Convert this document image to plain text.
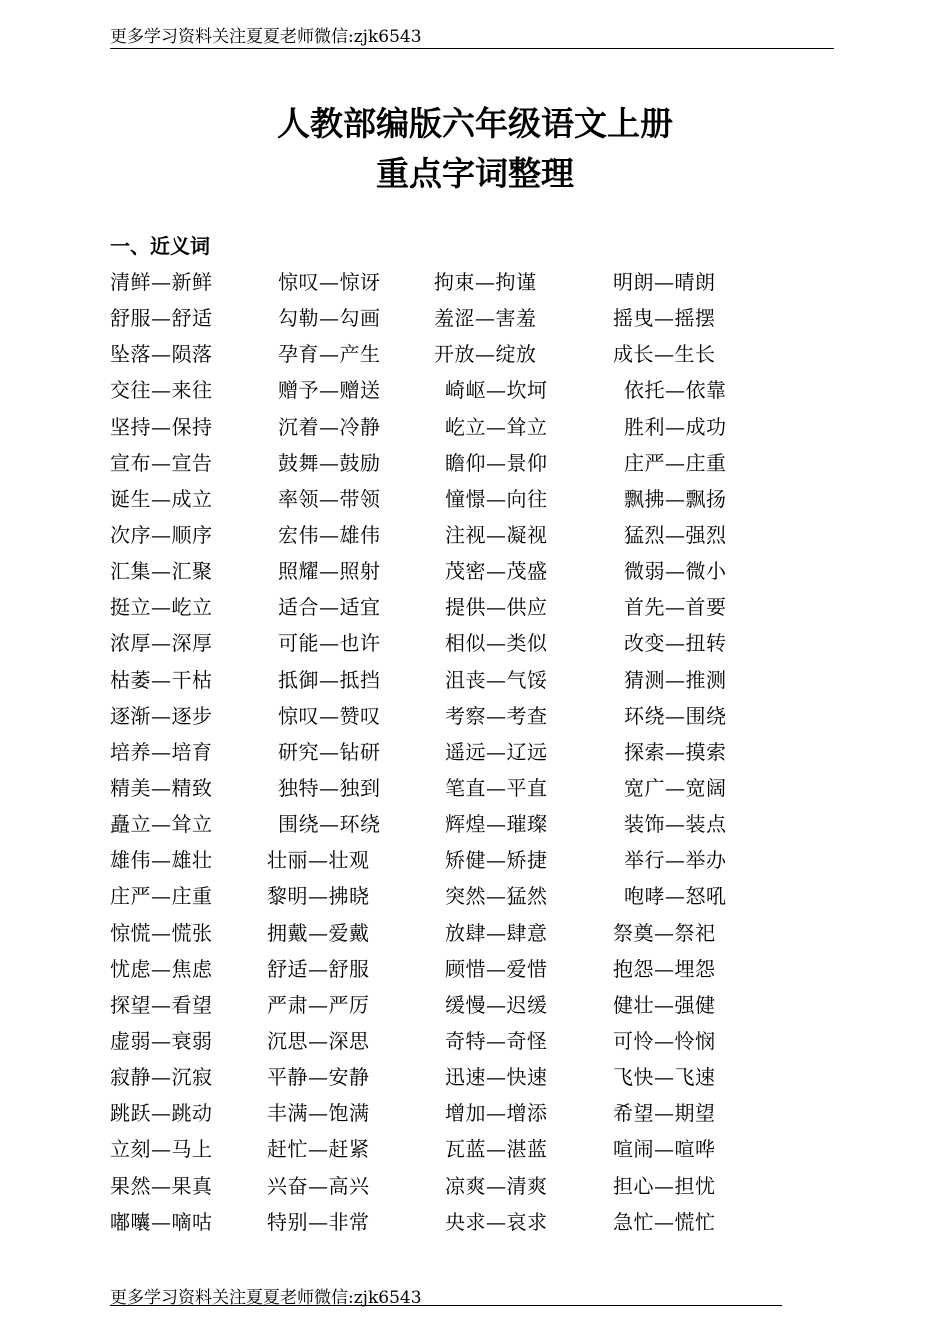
更多学习资料关注夏夏老师微信:zjk6543
人教部编版六年级语文上册
重点字词整理
一、近义词
清鲜—新鲜	惊叹—惊讶	拘束—拘谨	明朗—晴朗
舒服—舒适	勾勒—勾画	羞涩—害羞	摇曳—摇摆
坠落—陨落	孕育—产生	开放—绽放	成长—生长
交往—来往	赠予—赠送	崎岖—坎坷	依托—依靠
坚持—保持	沉着—冷静	屹立—耸立	胜利—成功
宣布—宣告	鼓舞—鼓励	瞻仰—景仰	庄严—庄重
诞生—成立	率领—带领	憧憬—向往	飘拂—飘扬
次序—顺序	宏伟—雄伟	注视—凝视	猛烈—强烈
汇集—汇聚	照耀—照射	茂密—茂盛	微弱—微小
挺立—屹立	适合—适宜	提供—供应	首先—首要
浓厚—深厚	可能—也许	相似—类似	改变—扭转
枯萎—干枯	抵御—抵挡	沮丧—气馁	猜测—推测
逐渐—逐步	惊叹—赞叹	考察—考查	环绕—围绕
培养—培育	研究—钻研	遥远—辽远	探索—摸索
精美—精致	独特—独到	笔直—平直	宽广—宽阔
矗立—耸立	围绕—环绕	辉煌—璀璨	装饰—装点
雄伟—雄壮	壮丽—壮观	矫健—矫捷	举行—举办
庄严—庄重	黎明—拂晓	突然—猛然	咆哮—怒吼
惊慌—慌张	拥戴—爱戴	放肆—肆意	祭奠—祭祀
忧虑—焦虑	舒适—舒服	顾惜—爱惜	抱怨—埋怨
探望—看望	严肃—严厉	缓慢—迟缓	健壮—强健
虚弱—衰弱	沉思—深思	奇特—奇怪	可怜—怜悯
寂静—沉寂	平静—安静	迅速—快速	飞快—飞速
跳跃—跳动	丰满—饱满	增加—增添	希望—期望
立刻—马上	赶忙—赶紧	瓦蓝—湛蓝	喧闹—喧哗
果然—果真	兴奋—高兴	凉爽—清爽	担心—担忧
嘟囔—嘀咕	特别—非常	央求—哀求	急忙—慌忙
更多学习资料关注夏夏老师微信:zjk6543
